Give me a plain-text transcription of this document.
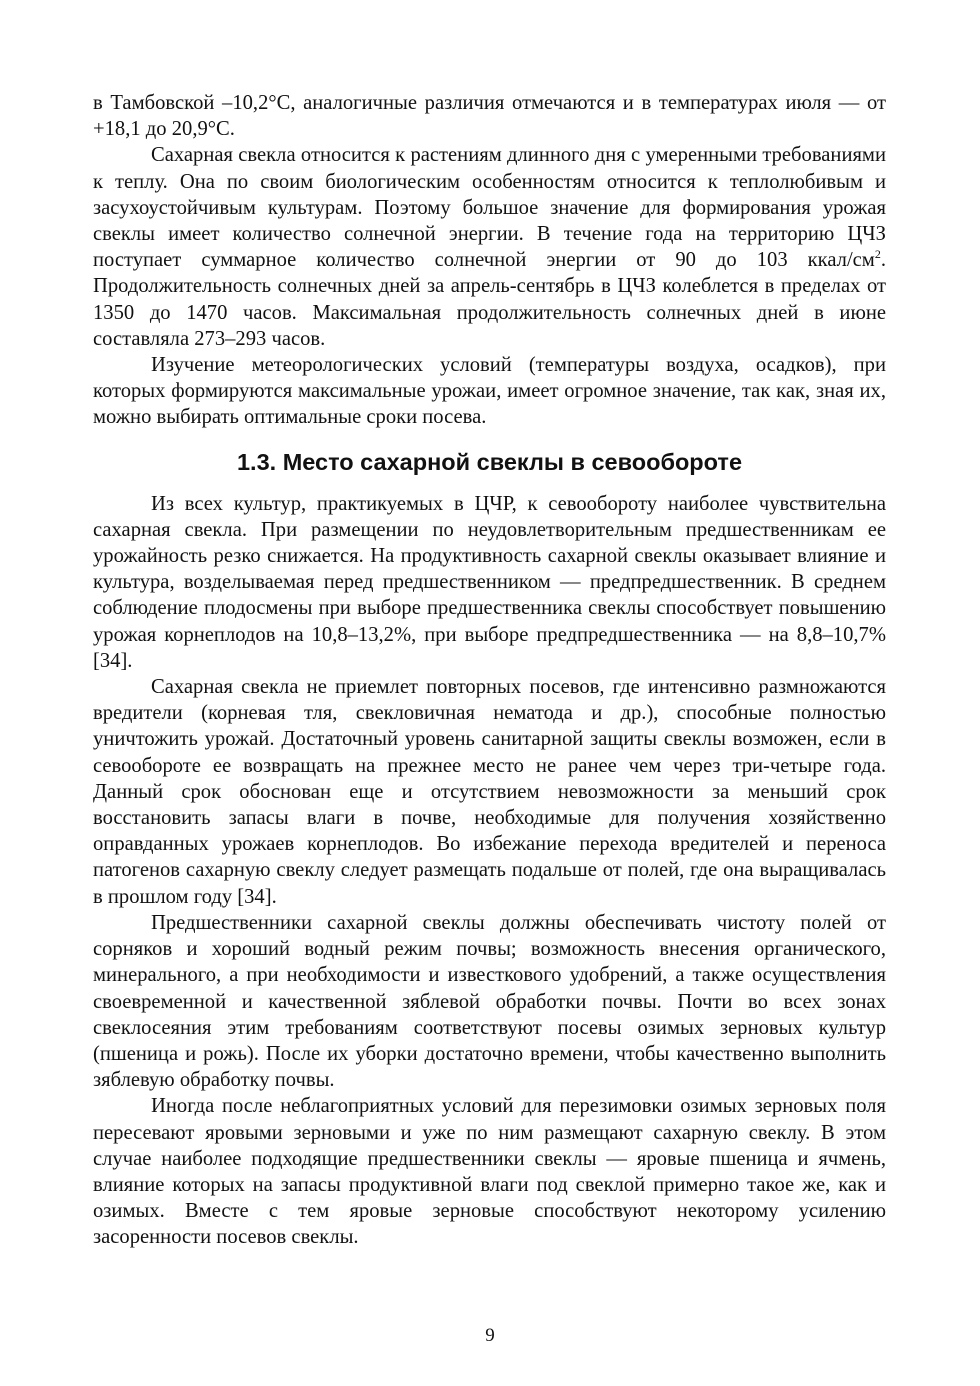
в Тамбовской –10,2°С, аналогичные различия отмечаются и в температурах июля — от +18,1 до 20,9°С.

Сахарная свекла относится к растениям длинного дня с умеренными требованиями к теплу. Она по своим биологическим особенностям относится к теплолюбивым и засухоустойчивым культурам. Поэтому большое значение для формирования урожая свеклы имеет количество солнечной энергии. В течение года на территорию ЦЧЗ поступает суммарное количество солнечной энергии от 90 до 103 ккал/$см^2$. Продолжительность солнечных дней за апрель-сентябрь в ЦЧЗ колеблется в пределах от 1350 до 1470 часов. Максимальная продолжительность солнечных дней в июне составляла 273–293 часов.

Изучение метеорологических условий (температуры воздуха, осадков), при которых формируются максимальные урожаи, имеет огромное значение, так как, зная их, можно выбирать оптимальные сроки посева.

1.3. Место сахарной свеклы в севообороте

Из всех культур, практикуемых в ЦЧР, к севообороту наиболее чувствительна сахарная свекла. При размещении по неудовлетворительным предшественникам ее урожайность резко снижается. На продуктивность сахарной свеклы оказывает влияние и культура, возделываемая перед предшественником — предпредшественник. В среднем соблюдение плодосмены при выборе предшественника свеклы способствует повышению урожая корнеплодов на 10,8–13,2%, при выборе предпредшественника — на 8,8–10,7% [34].

Сахарная свекла не приемлет повторных посевов, где интенсивно размножаются вредители (корневая тля, свекловичная нематода и др.), способные полностью уничтожить урожай. Достаточный уровень санитарной защиты свеклы возможен, если в севообороте ее возвращать на прежнее место не ранее чем через три-четыре года. Данный срок обоснован еще и отсутствием невозможности за меньший срок восстановить запасы влаги в почве, необходимые для получения хозяйственно оправданных урожаев корнеплодов. Во избежание перехода вредителей и переноса патогенов сахарную свеклу следует размещать подальше от полей, где она выращивалась в прошлом году [34].

Предшественники сахарной свеклы должны обеспечивать чистоту полей от сорняков и хороший водный режим почвы; возможность внесения органического, минерального, а при необходимости и известкового удобрений, а также осуществления своевременной и качественной зяблевой обработки почвы. Почти во всех зонах свеклосеяния этим требованиям соответствуют посевы озимых зерновых культур (пшеница и рожь). После их уборки достаточно времени, чтобы качественно выполнить зяблевую обработку почвы.

Иногда после неблагоприятных условий для перезимовки озимых зерновых поля пересевают яровыми зерновыми и уже по ним размещают сахарную свеклу. В этом случае наиболее подходящие предшественники свеклы — яровые пшеница и ячмень, влияние которых на запасы продуктивной влаги под свеклой примерно такое же, как и озимых. Вместе с тем яровые зерновые способствуют некоторому усилению засоренности посевов свеклы.

9
